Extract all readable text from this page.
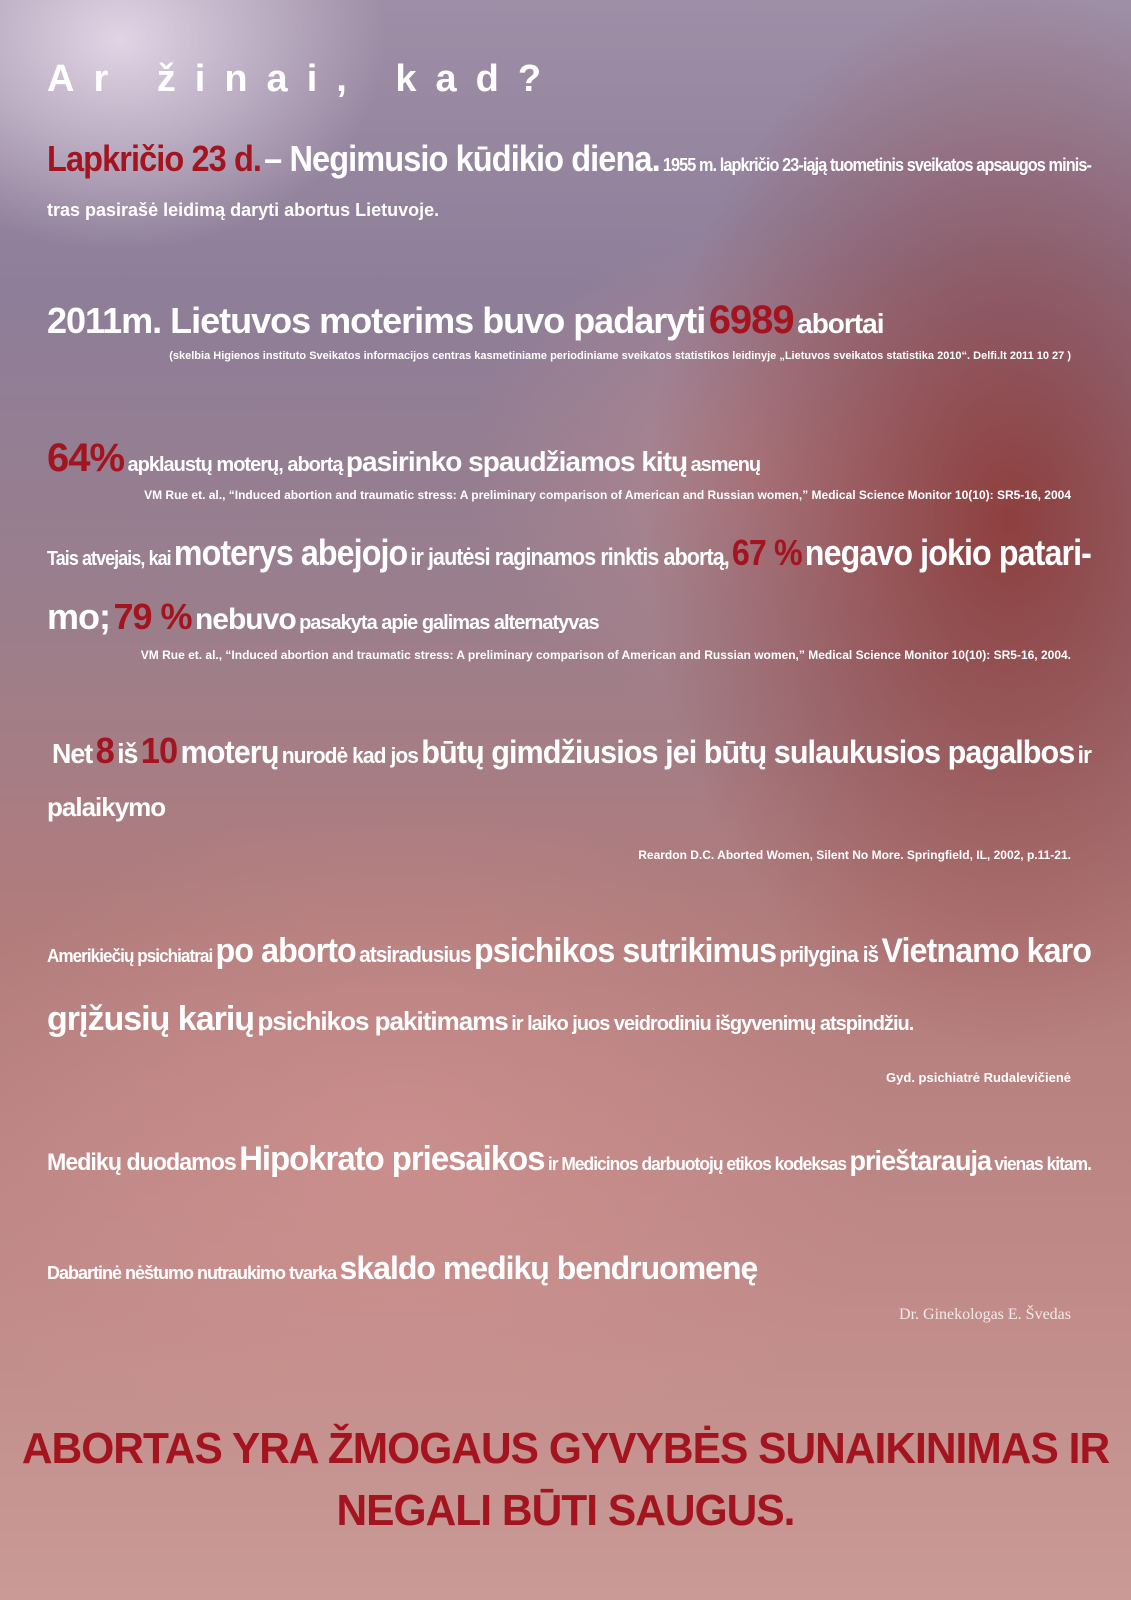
Ar žinai, kad?

Lapkričio 23 d. – Negimusio kūdikio diena. 1955 m. lapkričio 23-iąją tuometinis sveikatos apsaugos minis-

tras pasirašė leidimą daryti abortus Lietuvoje.

2011m. Lietuvos moterims buvo padaryti 6989 abortai

(skelbia Higienos instituto Sveikatos informacijos centras kasmetiniame periodiniame sveikatos statistikos leidinyje „Lietuvos sveikatos statistika 2010“. Delfi.lt 2011 10 27 )

64% apklaustų moterų, abortą pasirinko spaudžiamos kitų asmenų

VM Rue et. al., “Induced abortion and traumatic stress: A preliminary comparison of American and Russian women,” Medical Science Monitor 10(10): SR5-16, 2004

Tais atvejais, kai moterys abejojo ir jautėsi raginamos rinktis abortą, 67 % negavo jokio patari-

mo; 79 % nebuvo pasakyta apie galimas alternatyvas

VM Rue et. al., “Induced abortion and traumatic stress: A preliminary comparison of American and Russian women,” Medical Science Monitor 10(10): SR5-16, 2004.

Net 8 iš 10 moterų nurodė kad jos būtų gimdžiusios jei būtų sulaukusios pagalbos ir

palaikymo

Reardon D.C. Aborted Women, Silent No More. Springfield, IL, 2002, p.11-21.

Amerikiečių psichiatrai po aborto atsiradusius psichikos sutrikimus prilygina iš Vietnamo karo

grįžusių karių psichikos pakitimams ir laiko juos veidrodiniu išgyvenimų atspindžiu.

Gyd. psichiatrė Rudalevičienė

Medikų duodamos Hipokrato priesaikos ir Medicinos darbuotojų etikos kodeksas prieštarauja vienas kitam.

Dabartinė nėštumo nutraukimo tvarka skaldo medikų bendruomenę

Dr. Ginekologas E. Švedas

ABORTAS YRA ŽMOGAUS GYVYBĖS SUNAIKINIMAS IR
NEGALI BŪTI SAUGUS.
